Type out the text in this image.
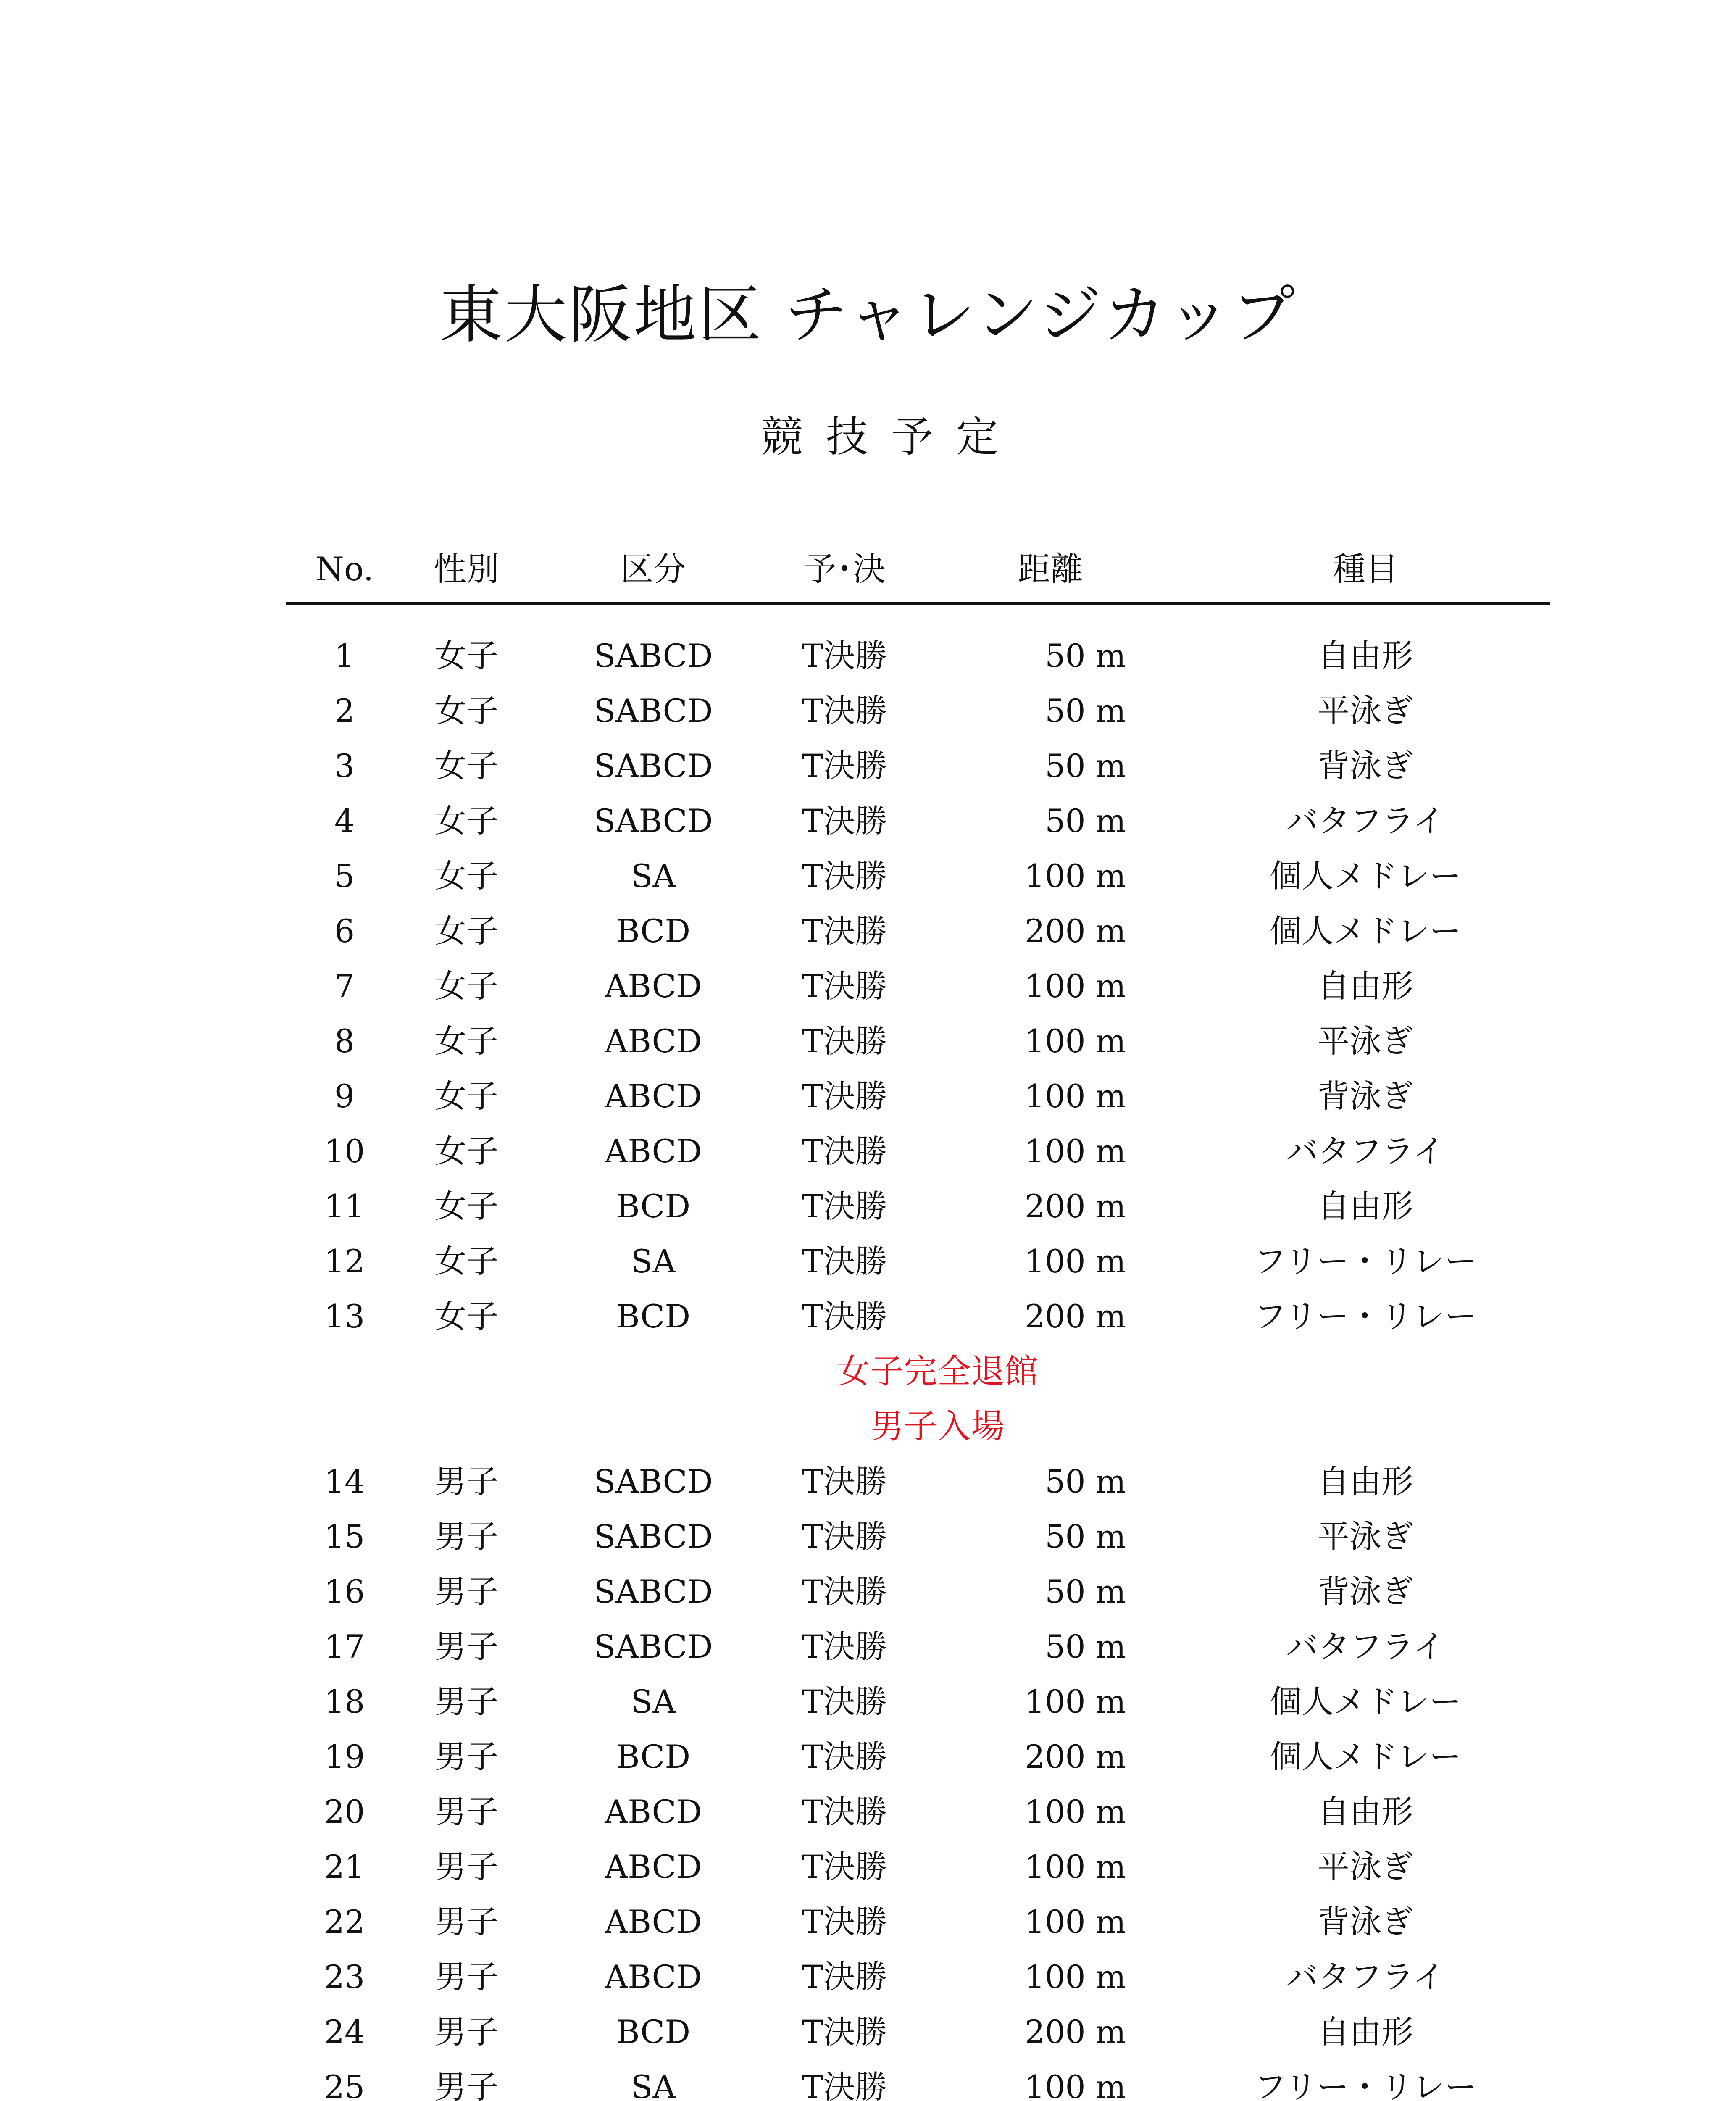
東大阪地区 チャレンジカップ
競技予定
No.	性別	区分	予･決	距離	種目
1	女子	SABCD	T決勝	50 m	自由形
2	女子	SABCD	T決勝	50 m	平泳ぎ
3	女子	SABCD	T決勝	50 m	背泳ぎ
4	女子	SABCD	T決勝	50 m	バタフライ
5	女子	SA	T決勝	100 m	個人メドレー
6	女子	BCD	T決勝	200 m	個人メドレー
7	女子	ABCD	T決勝	100 m	自由形
8	女子	ABCD	T決勝	100 m	平泳ぎ
9	女子	ABCD	T決勝	100 m	背泳ぎ
10	女子	ABCD	T決勝	100 m	バタフライ
11	女子	BCD	T決勝	200 m	自由形
12	女子	SA	T決勝	100 m	フリー・リレー
13	女子	BCD	T決勝	200 m	フリー・リレー
女子完全退館
男子入場
14	男子	SABCD	T決勝	50 m	自由形
15	男子	SABCD	T決勝	50 m	平泳ぎ
16	男子	SABCD	T決勝	50 m	背泳ぎ
17	男子	SABCD	T決勝	50 m	バタフライ
18	男子	SA	T決勝	100 m	個人メドレー
19	男子	BCD	T決勝	200 m	個人メドレー
20	男子	ABCD	T決勝	100 m	自由形
21	男子	ABCD	T決勝	100 m	平泳ぎ
22	男子	ABCD	T決勝	100 m	背泳ぎ
23	男子	ABCD	T決勝	100 m	バタフライ
24	男子	BCD	T決勝	200 m	自由形
25	男子	SA	T決勝	100 m	フリー・リレー
